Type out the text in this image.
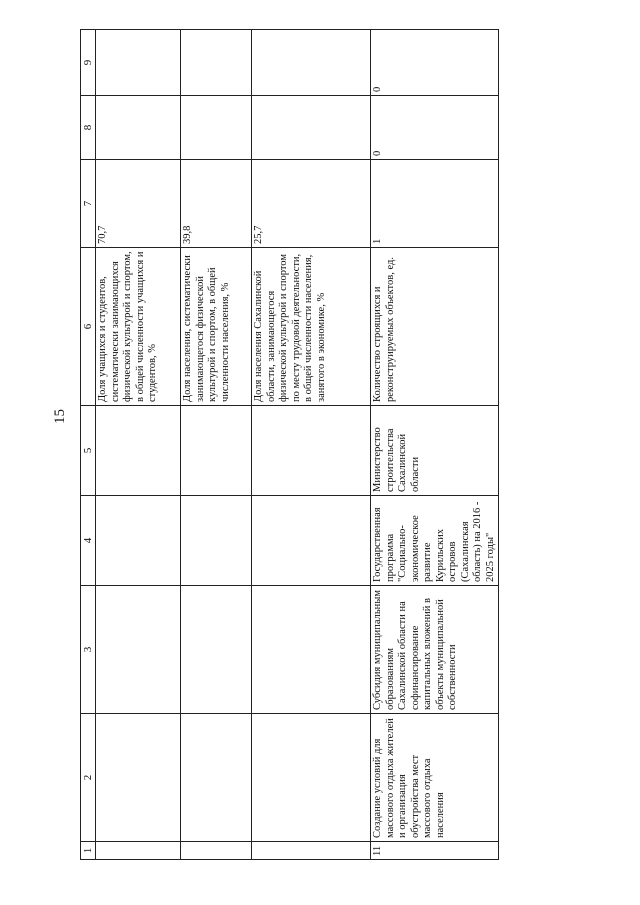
15
1	2	3	4	5	6	7	8	9
					Доля учащихся и студентов, систематически занимающихся физической культурой и спортом, в общей численности учащихся и студентов, %	70,7		
					Доля населения, систематически занимающегося физической культурой и спортом, в общей численности населения, %	39,8		
					Доля населения Сахалинской области, занимающегося физической культурой и спортом по месту трудовой деятельности, в общей численности населения, занятого в экономике, %	25,7		
11	Создание условий для массового отдыха жителей и организация обустройства мест массового отдыха населения	Субсидия муниципальным образованиям Сахалинской области на софинансирование капитальных вложений в объекты муниципальной собственности	Государственная программа "Социально-экономическое развитие Курильских островов (Сахалинская область) на 2016 - 2025 годы"	Министерство строительства Сахалинской области	Количество строящихся и реконструируемых объектов, ед.	1	0	0
